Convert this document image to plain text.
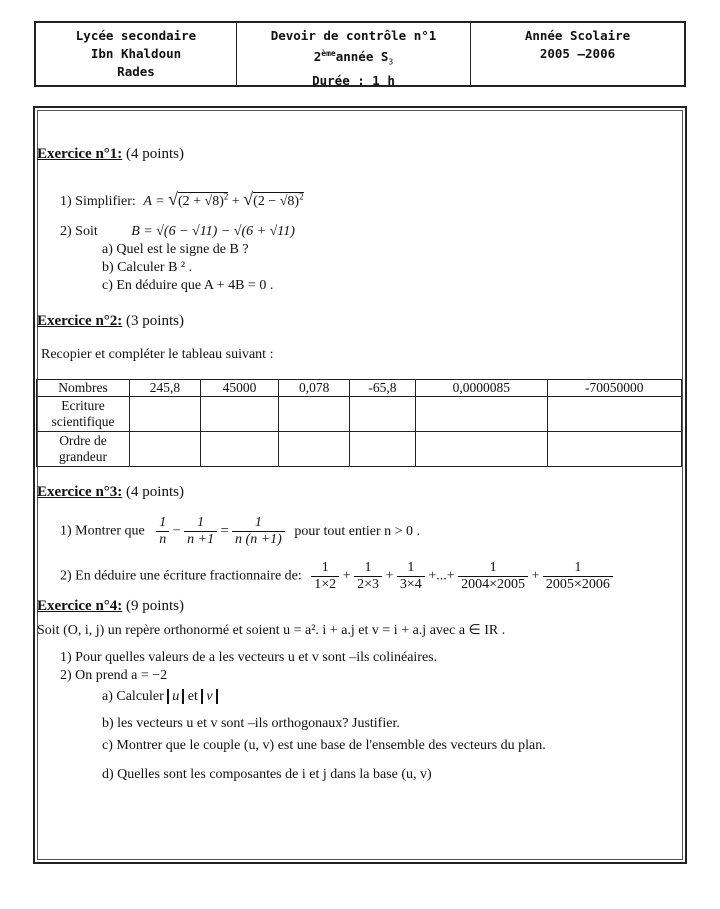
Lycée secondaire
Ibn Khaldoun
Rades
Devoir de contrôle n°1
2èmeannée $S_3$
Durée : 1 h
Année Scolaire
2005 –2006
Exercice n°1: (4 points)
1) Simplifier: $A = √(2 + √8)^2 + √(2 - √8)^2$
2) Soit B = √(6 − √11) − √(6 + √11)
a) Quel est le signe de B ?
b) Calculer B ² .
c) En déduire que A + 4B = 0 .
Exercice n°2: (3 points)
Recopier et compléter le tableau suivant :
Nombres	245,8	45000	0,078	-65,8	0,0000085	-70050000
Ecriture scientifique						
Ordre de grandeur						
Exercice n°3: (4 points)
1) Montrer que $\frac{1}{n} - \frac{1}{n +1} = \frac{1}{n (n +1)}$ pour tout entier n > 0 .
2) En déduire une écriture fractionnaire de: $\frac{1}{1\times 2} + \frac{1}{2\times 3} + \frac{1}{3\times 4}$ +...+ $\frac{1}{2004\times 2005} + \frac{1}{2005\times 2006}$
Exercice n°4: (9 points)
Soit (O, i, j) un repère orthonormé et soient u = a². i + a.j et v = i + a.j avec a ∈ IR .
1) Pour quelles valeurs de a les vecteurs u et v sont –ils colinéaires.
2) On prend a = −2
a) Calculer u et v
b) les vecteurs u et v sont –ils orthogonaux? Justifier.
c) Montrer que le couple (u, v) est une base de l'ensemble des vecteurs du plan.
d) Quelles sont les composantes de i et j dans la base (u, v)
